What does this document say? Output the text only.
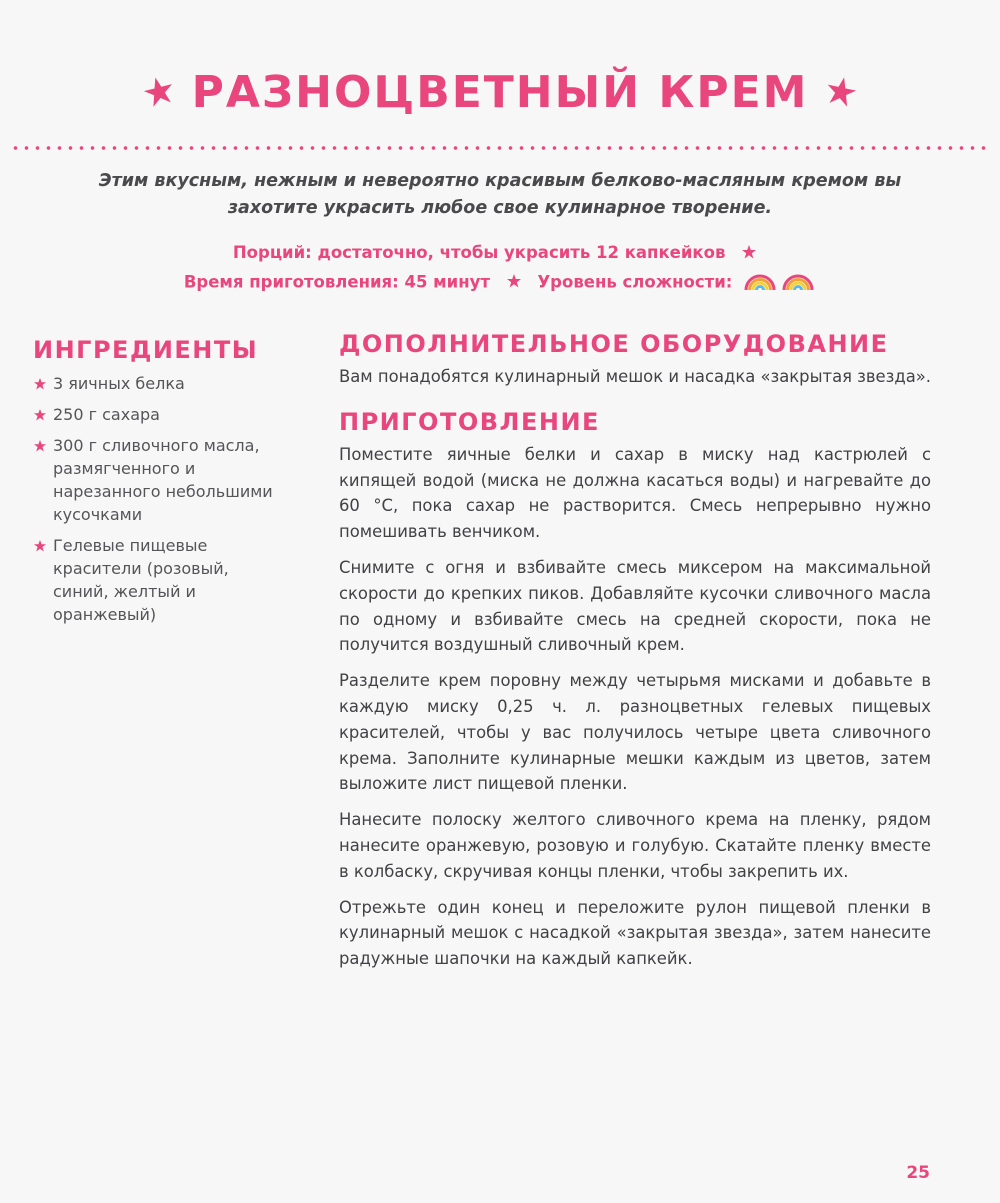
РАЗНОЦВЕТНЫЙ КРЕМ
Этим вкусным, нежным и невероятно красивым белково-масляным кремом вы захотите украсить любое свое кулинарное творение.
Порций: достаточно, чтобы украсить 12 капкейков
Время приготовления: 45 минут	Уровень сложности:
ИНГРЕДИЕНТЫ
3 яичных белка
250 г сахара
300 г сливочного масла, размягченного и нарезанного небольшими кусочками
Гелевые пищевые красители (розовый, синий, желтый и оранжевый)
ДОПОЛНИТЕЛЬНОЕ ОБОРУДОВАНИЕ

Вам понадобятся кулинарный мешок и насадка «закрытая звезда».

ПРИГОТОВЛЕНИЕ

Поместите яичные белки и сахар в миску над кастрюлей с кипящей водой (миска не должна касаться воды) и нагревайте до 60 °С, пока сахар не растворится. Смесь непрерывно нужно помешивать венчиком.

Снимите с огня и взбивайте смесь миксером на максимальной скорости до крепких пиков. Добавляйте кусочки сливочного масла по одному и взбивайте смесь на средней скорости, пока не получится воздушный сливочный крем.

Разделите крем поровну между четырьмя мисками и добавьте в каждую миску 0,25 ч. л. разноцветных гелевых пищевых красителей, чтобы у вас получилось четыре цвета сливочного крема. Заполните кулинарные мешки каждым из цветов, затем выложите лист пищевой пленки.

Нанесите полоску желтого сливочного крема на пленку, рядом нанесите оранжевую, розовую и голубую. Скатайте пленку вместе в колбаску, скручивая концы пленки, чтобы закрепить их.

Отрежьте один конец и переложите рулон пищевой пленки в кулинарный мешок с насадкой «закрытая звезда», затем нанесите радужные шапочки на каждый капкейк.

25
